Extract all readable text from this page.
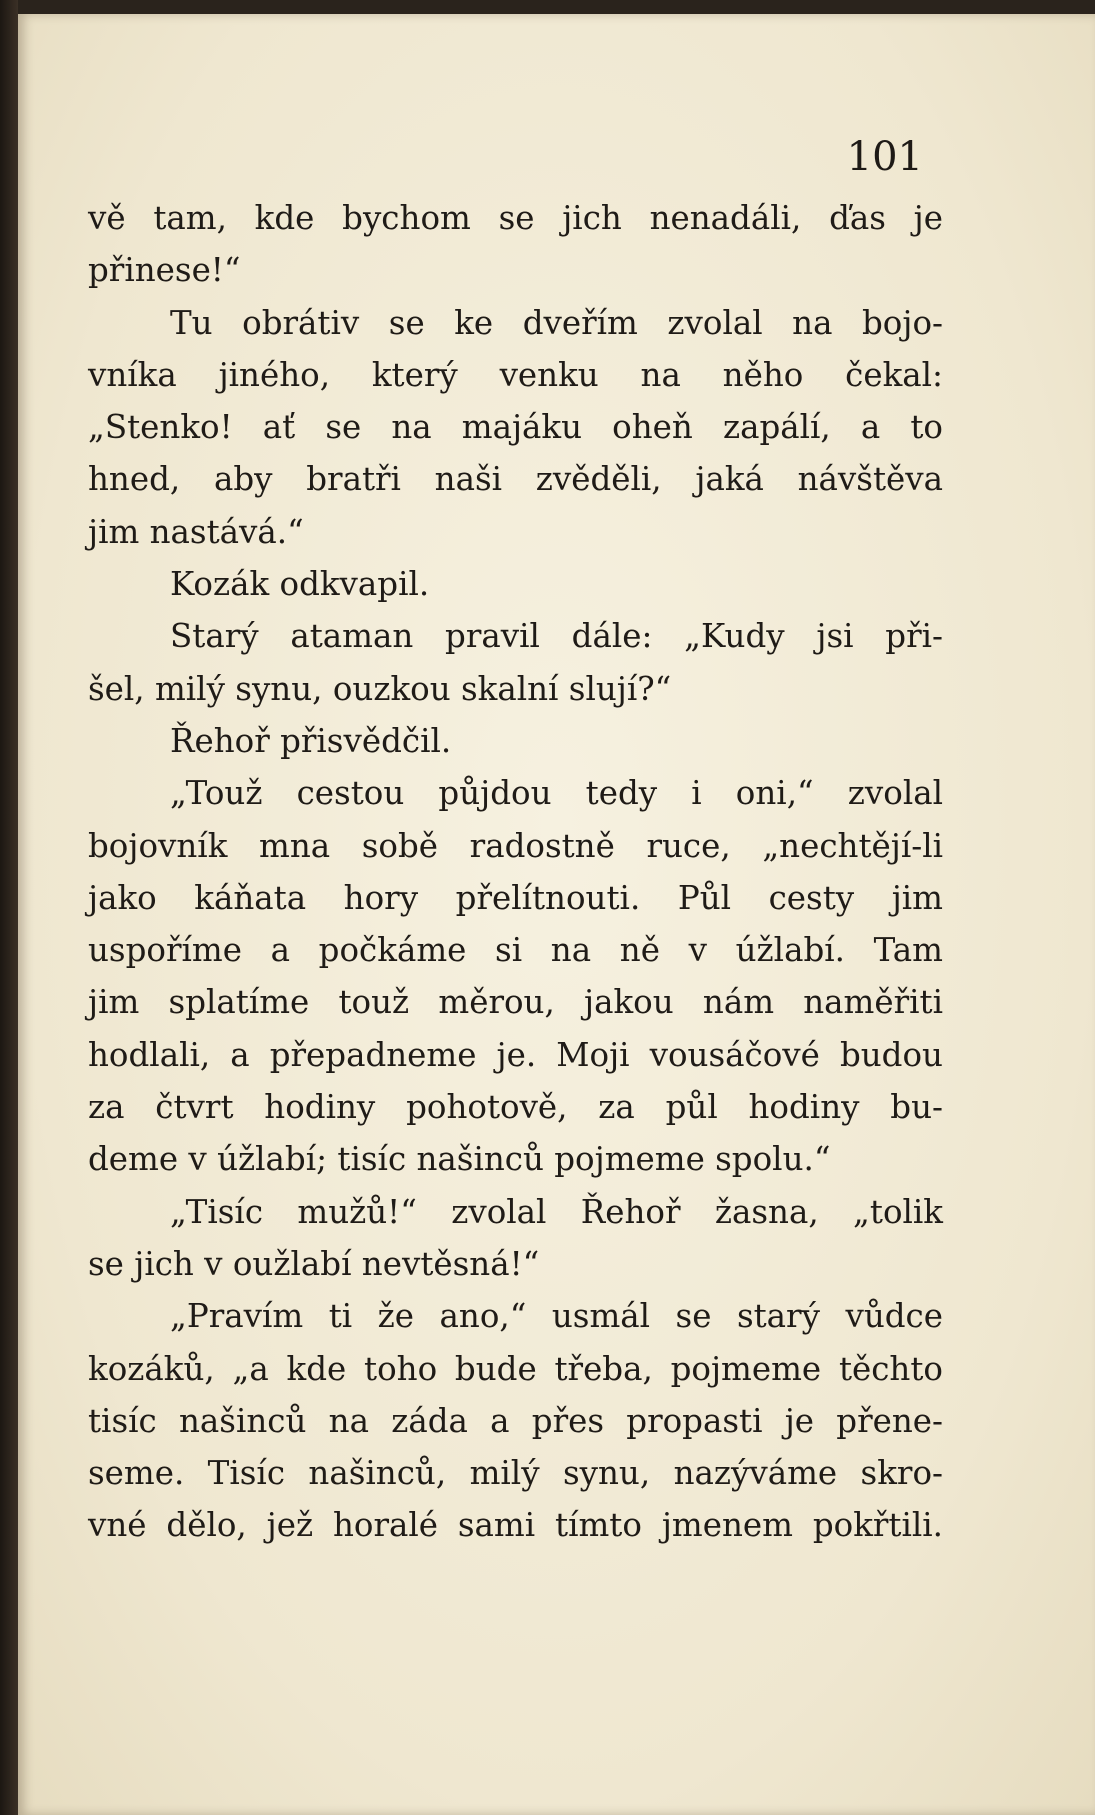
101
vě tam, kde bychom se jich nenadáli, ďas je
přinese!“
Tu obrátiv se ke dveřím zvolal na bojo-
vníka jiného, který venku na něho čekal:
„Stenko! ať se na majáku oheň zapálí, a to
hned, aby bratři naši zvěděli, jaká návštěva
jim nastává.“
Kozák odkvapil.
Starý ataman pravil dále: „Kudy jsi při-
šel, milý synu, ouzkou skalní slují?“
Řehoř přisvědčil.
„Touž cestou půjdou tedy i oni,“ zvolal
bojovník mna sobě radostně ruce, „nechtějí-li
jako káňata hory přelítnouti. Půl cesty jim
uspoříme a počkáme si na ně v úžlabí. Tam
jim splatíme touž měrou, jakou nám naměřiti
hodlali, a přepadneme je. Moji vousáčové budou
za čtvrt hodiny pohotově, za půl hodiny bu-
deme v úžlabí; tisíc našinců pojmeme spolu.“
„Tisíc mužů!“ zvolal Řehoř žasna, „tolik
se jich v oužlabí nevtěsná!“
„Pravím ti že ano,“ usmál se starý vůdce
kozáků, „a kde toho bude třeba, pojmeme těchto
tisíc našinců na záda a přes propasti je přene-
seme. Tisíc našinců, milý synu, nazýváme skro-
vné dělo, jež horalé sami tímto jmenem pokřtili.
